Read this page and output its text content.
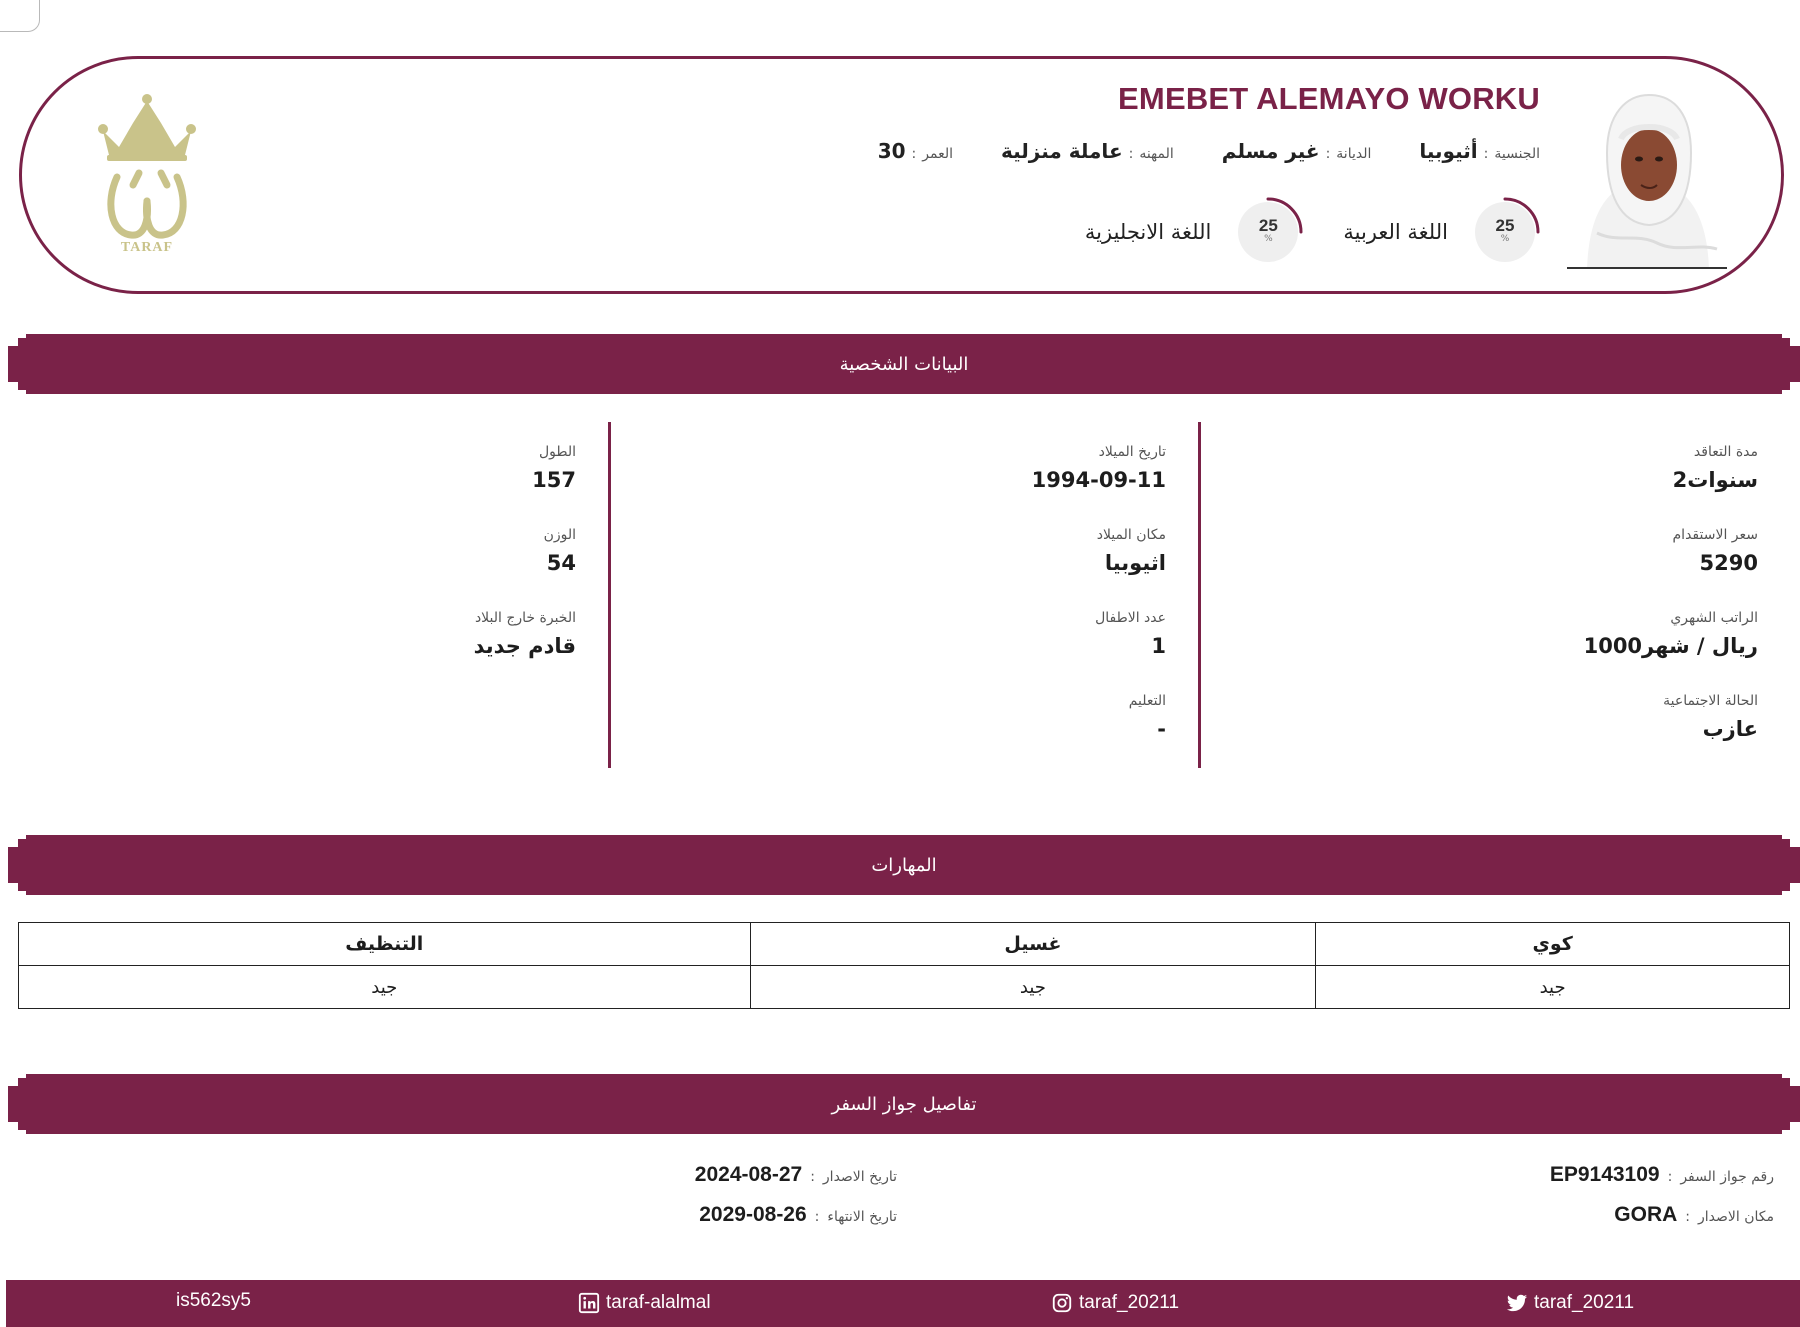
EMEBET ALEMAYO WORKU
الجنسية
:
أثيوبيا
الديانة
:
غير مسلم
المهنه
:
عاملة منزلية
العمر
:
30
25
%
اللغة العربية
25
%
اللغة الانجليزية
TARAF
البيانات الشخصية
مدة التعاقد
2سنوات
سعر الاستقدام
5290
الراتب الشهري
1000ريال / شهر
الحالة الاجتماعية
عازب
تاريخ الميلاد
1994-09-11
مكان الميلاد
اثيوبيا
عدد الاطفال
1
التعليم
-
الطول
157
الوزن
54
الخبرة خارج البلاد
قادم جديد
المهارات
التنظيف	غسيل	كوي
جيد	جيد	جيد
تفاصيل جواز السفر
رقم جواز السفر
:
EP9143109
مكان الاصدار
:
GORA
تاريخ الاصدار
:
2024-08-27
تاريخ الانتهاء
:
2029-08-26
taraf_20211
taraf_20211
taraf-alalmal
is562sy5
